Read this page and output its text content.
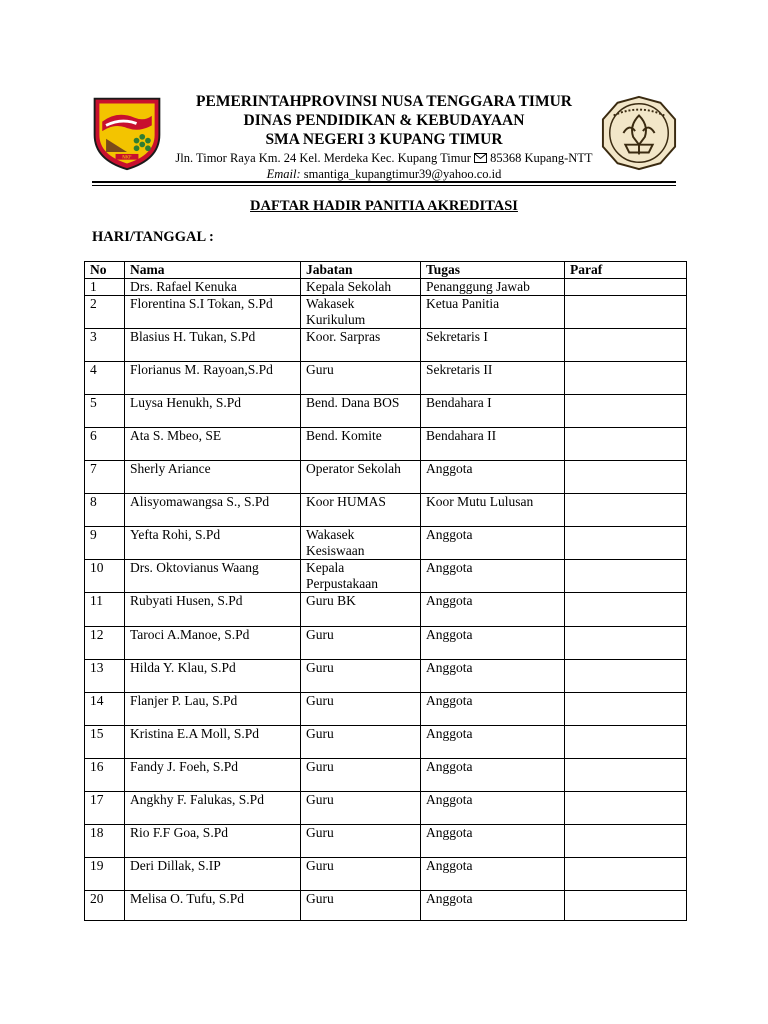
NKF
PEMERINTAHPROVINSI NUSA TENGGARA TIMUR
DINAS PENDIDIKAN & KEBUDAYAAN
SMA NEGERI 3 KUPANG TIMUR
Jln. Timor Raya Km. 24 Kel. Merdeka Kec. Kupang Timur  85368 Kupang-NTT
Email: smantiga_kupangtimur39@yahoo.co.id
DAFTAR HADIR PANITIA AKREDITASI
HARI/TANGGAL :
No	Nama	Jabatan	Tugas	Paraf
1	Drs. Rafael Kenuka	Kepala Sekolah	Penanggung Jawab	
2	Florentina S.I Tokan, S.Pd	Wakasek Kurikulum	Ketua Panitia	
3	Blasius H. Tukan, S.Pd	Koor. Sarpras	Sekretaris I	
4	Florianus M. Rayoan,S.Pd	Guru	Sekretaris II	
5	Luysa Henukh, S.Pd	Bend. Dana BOS	Bendahara I	
6	Ata S. Mbeo, SE	Bend. Komite	Bendahara II	
7	Sherly Ariance	Operator Sekolah	Anggota	
8	Alisyomawangsa S., S.Pd	Koor HUMAS	Koor Mutu Lulusan	
9	Yefta Rohi, S.Pd	Wakasek Kesiswaan	Anggota	
10	Drs. Oktovianus Waang	Kepala Perpustakaan	Anggota	
11	Rubyati Husen, S.Pd	Guru BK	Anggota	
12	Taroci A.Manoe, S.Pd	Guru	Anggota	
13	Hilda Y. Klau, S.Pd	Guru	Anggota	
14	Flanjer P. Lau, S.Pd	Guru	Anggota	
15	Kristina E.A Moll, S.Pd	Guru	Anggota	
16	Fandy J. Foeh, S.Pd	Guru	Anggota	
17	Angkhy F. Falukas, S.Pd	Guru	Anggota	
18	Rio F.F Goa, S.Pd	Guru	Anggota	
19	Deri Dillak, S.IP	Guru	Anggota	
20	Melisa O. Tufu, S.Pd	Guru	Anggota	
